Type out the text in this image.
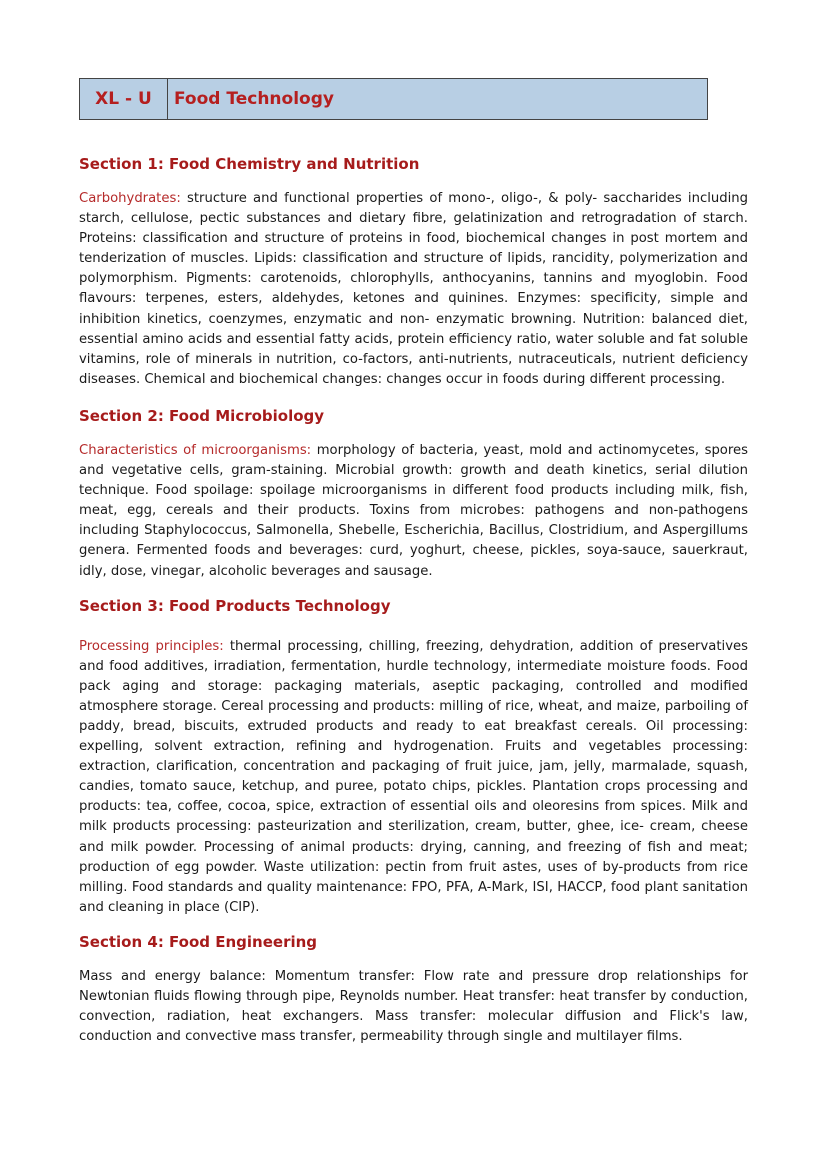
XL - U	Food Technology
Section 1: Food Chemistry and Nutrition

Carbohydrates: structure and functional properties of mono-, oligo-, & poly- saccharides including starch, cellulose, pectic substances and dietary fibre, gelatinization and retrogradation of starch. Proteins: classification and structure of proteins in food, biochemical changes in post mortem and tenderization of muscles. Lipids: classification and structure of lipids, rancidity, polymerization and polymorphism. Pigments: carotenoids, chlorophylls, anthocyanins, tannins and myoglobin. Food flavours: terpenes, esters, aldehydes, ketones and quinines. Enzymes: specificity, simple and inhibition kinetics, coenzymes, enzymatic and non- enzymatic browning. Nutrition: balanced diet, essential amino acids and essential fatty acids, protein efficiency ratio, water soluble and fat soluble vitamins, role of minerals in nutrition, co-factors, anti-nutrients, nutraceuticals, nutrient deficiency diseases. Chemical and biochemical changes: changes occur in foods during different processing.

Section 2: Food Microbiology

Characteristics of microorganisms: morphology of bacteria, yeast, mold and actinomycetes, spores and vegetative cells, gram-staining. Microbial growth: growth and death kinetics, serial dilution technique. Food spoilage: spoilage microorganisms in different food products including milk, fish, meat, egg, cereals and their products. Toxins from microbes: pathogens and non-pathogens including Staphylococcus, Salmonella, Shebelle, Escherichia, Bacillus, Clostridium, and Aspergillums genera. Fermented foods and beverages: curd, yoghurt, cheese, pickles, soya-sauce, sauerkraut, idly, dose, vinegar, alcoholic beverages and sausage.

Section 3: Food Products Technology

Processing principles: thermal processing, chilling, freezing, dehydration, addition of preservatives and food additives, irradiation, fermentation, hurdle technology, intermediate moisture foods. Food pack aging and storage: packaging materials, aseptic packaging, controlled and modified atmosphere storage. Cereal processing and products: milling of rice, wheat, and maize, parboiling of paddy, bread, biscuits, extruded products and ready to eat breakfast cereals. Oil processing: expelling, solvent extraction, refining and hydrogenation. Fruits and vegetables processing: extraction, clarification, concentration and packaging of fruit juice, jam, jelly, marmalade, squash, candies, tomato sauce, ketchup, and puree, potato chips, pickles. Plantation crops processing and products: tea, coffee, cocoa, spice, extraction of essential oils and oleoresins from spices. Milk and milk products processing: pasteurization and sterilization, cream, butter, ghee, ice- cream, cheese and milk powder. Processing of animal products: drying, canning, and freezing of fish and meat; production of egg powder. Waste utilization: pectin from fruit astes, uses of by-products from rice milling. Food standards and quality maintenance: FPO, PFA, A-Mark, ISI, HACCP, food plant sanitation and cleaning in place (CIP).

Section 4: Food Engineering

Mass and energy balance: Momentum transfer: Flow rate and pressure drop relationships for Newtonian fluids flowing through pipe, Reynolds number. Heat transfer: heat transfer by conduction, convection, radiation, heat exchangers. Mass transfer: molecular diffusion and Flick's law, conduction and convective mass transfer, permeability through single and multilayer films.
